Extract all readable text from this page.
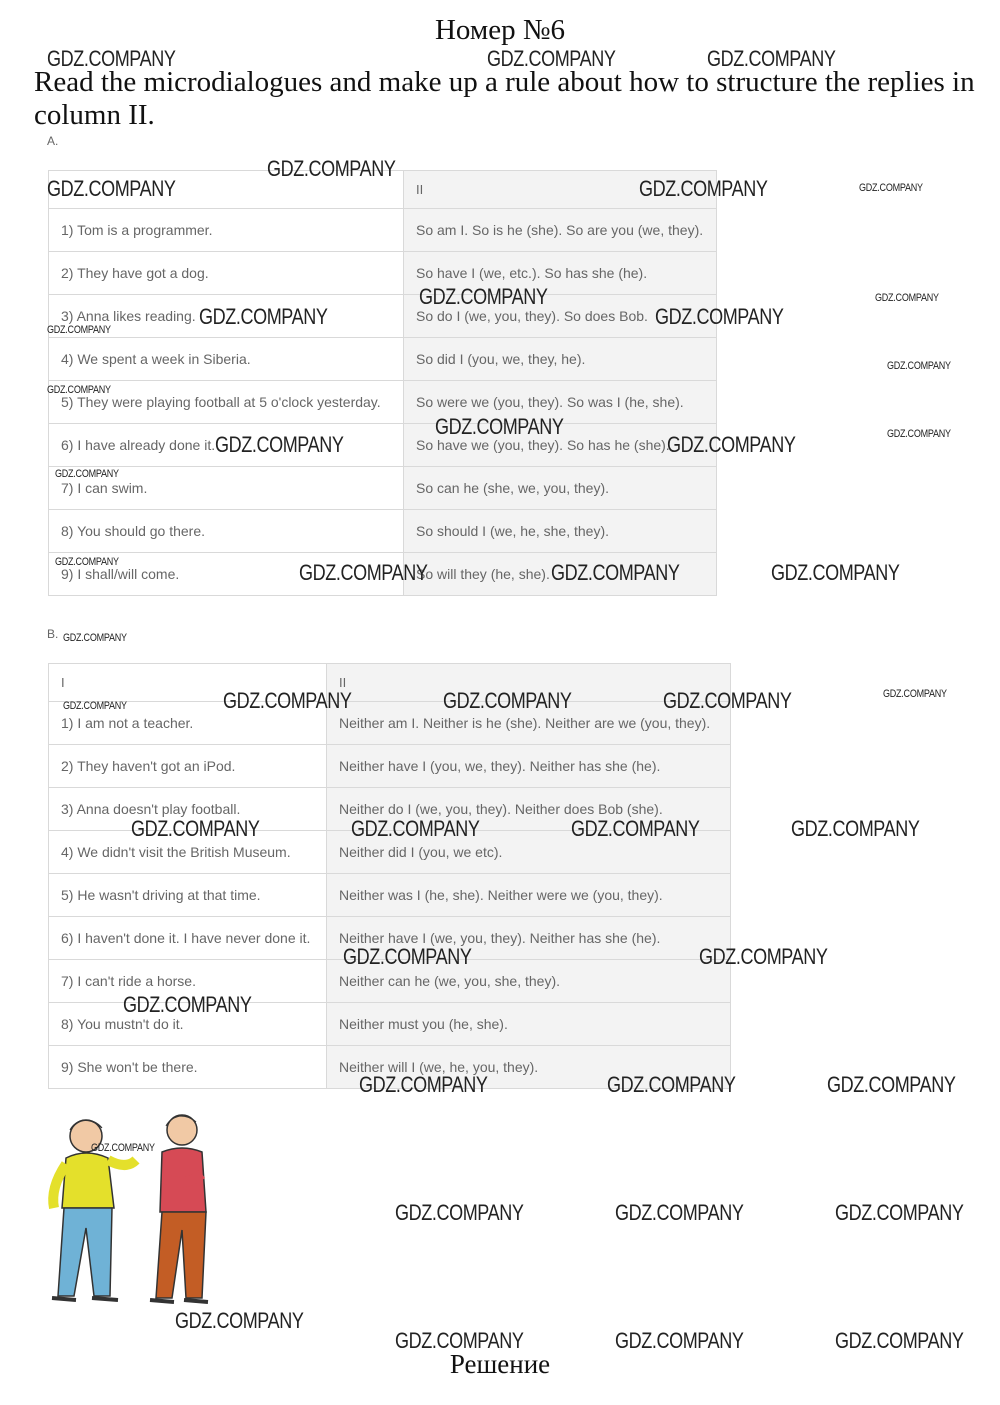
Номер №6
Read the microdialogues and make up a rule about how to structure the replies in column II.
A.
	II
1) Tom is a programmer.	So am I. So is he (she). So are you (we, they).
2) They have got a dog.	So have I (we, etc.). So has she (he).
3) Anna likes reading.	So do I (we, you, they). So does Bob.
4) We spent a week in Siberia.	So did I (you, we, they, he).
5) They were playing football at 5 o'clock yesterday.	So were we (you, they). So was I (he, she).
6) I have already done it.	So have we (you, they). So has he (she).
7) I can swim.	So can he (she, we, you, they).
8) You should go there.	So should I (we, he, she, they).
9) I shall/will come.	So will they (he, she).
B.
I	II
1) I am not a teacher.	Neither am I. Neither is he (she). Neither are we (you, they).
2) They haven't got an iPod.	Neither have I (you, we, they). Neither has she (he).
3) Anna doesn't play football.	Neither do I (we, you, they). Neither does Bob (she).
4) We didn't visit the British Museum.	Neither did I (you, we etc).
5) He wasn't driving at that time.	Neither was I (he, she). Neither were we (you, they).
6) I haven't done it. I have never done it.	Neither have I (we, you, they). Neither has she (he).
7) I can't ride a horse.	Neither can he (we, you, she, they).
8) You mustn't do it.	Neither must you (he, she).
9) She won't be there.	Neither will I (we, he, you, they).
Решение
GDZ.COMPANY	GDZ.COMPANY	GDZ.COMPANY
GDZ.COMPANY
GDZ.COMPANY	GDZ.COMPANY	GDZ.COMPANY
GDZ.COMPANY
GDZ.COMPANY	GDZ.COMPANY
GDZ.COMPANY
GDZ.COMPANY
GDZ.COMPANY
GDZ.COMPANY
GDZ.COMPANY
GDZ.COMPANY	GDZ.COMPANY	GDZ.COMPANY
GDZ.COMPANY
GDZ.COMPANY	GDZ.COMPANY	GDZ.COMPANY	GDZ.COMPANY
GDZ.COMPANY
GDZ.COMPANY	GDZ.COMPANY	GDZ.COMPANY	GDZ.COMPANY
GDZ.COMPANY
GDZ.COMPANY	GDZ.COMPANY	GDZ.COMPANY	GDZ.COMPANY
GDZ.COMPANY	GDZ.COMPANY
GDZ.COMPANY
GDZ.COMPANY	GDZ.COMPANY	GDZ.COMPANY
GDZ.COMPANY
GDZ.COMPANY	GDZ.COMPANY	GDZ.COMPANY
GDZ.COMPANY
GDZ.COMPANY	GDZ.COMPANY	GDZ.COMPANY
